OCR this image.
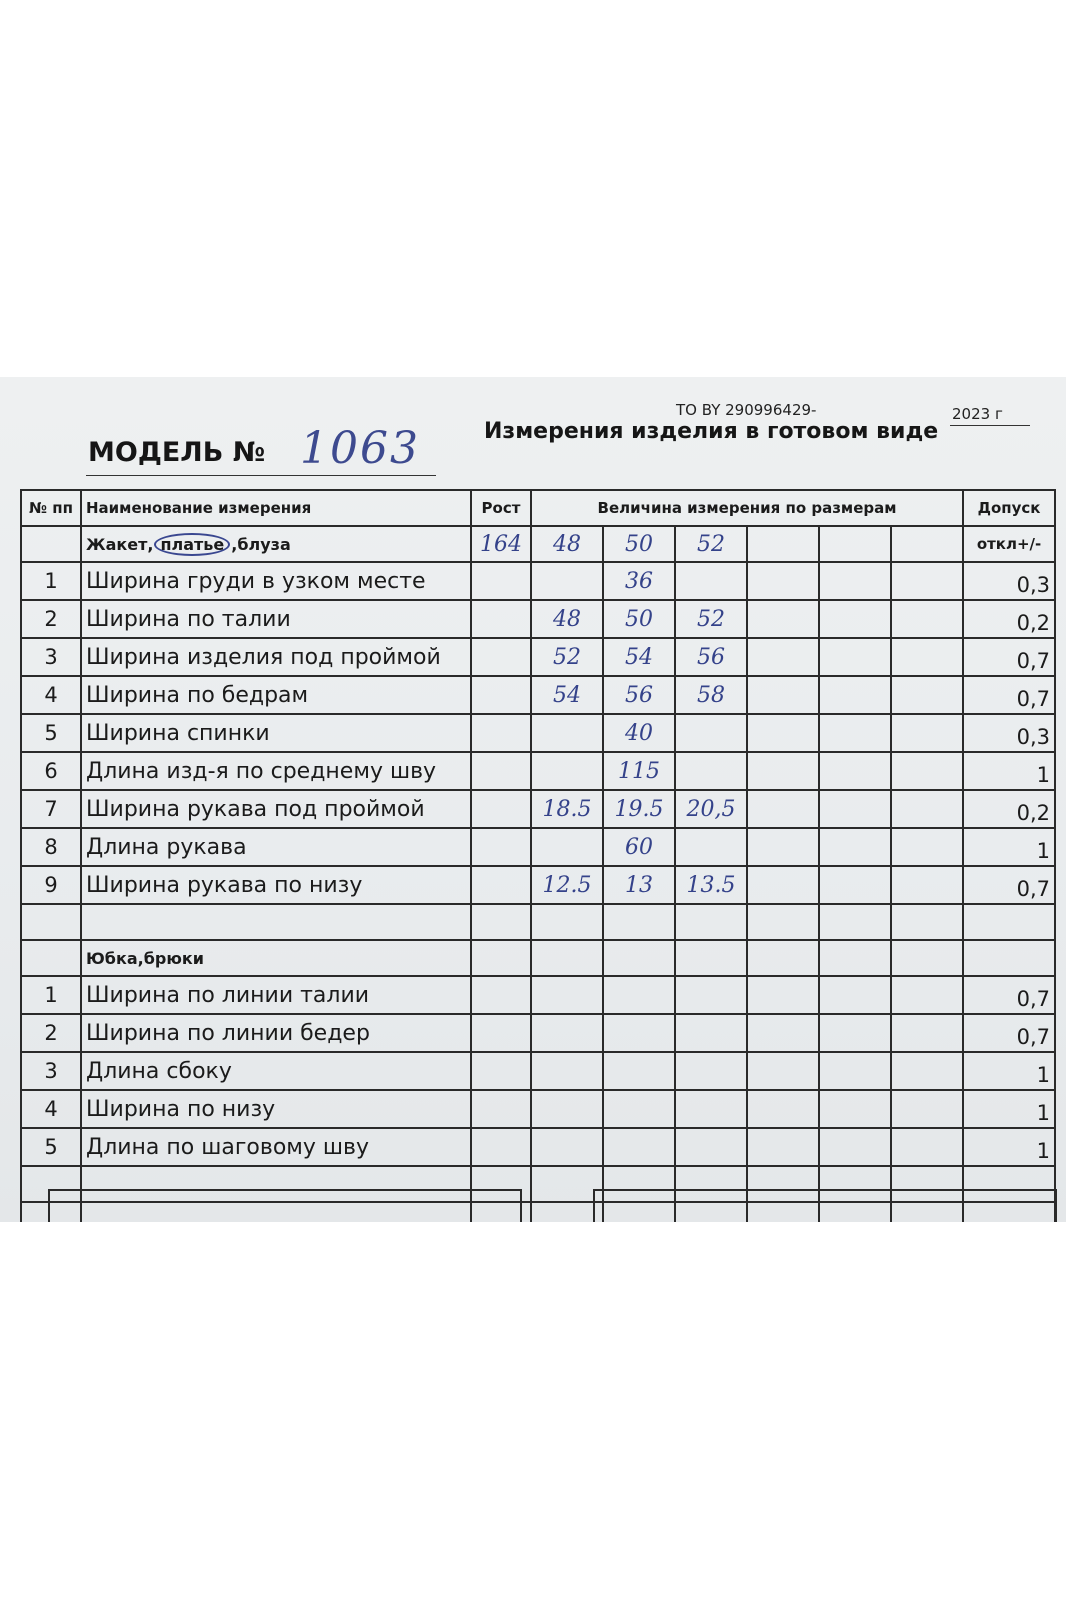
ТО BY 290996429-	2023 г
Измерения изделия в готовом виде
МОДЕЛЬ № 1063
№ пп	Наименование измерения	Рост	Величина измерения по размерам						Допуск
	Жакет, платье ,блуза	164	48	50	52				откл+/-
1	Ширина груди в узком месте			36					0,3
2	Ширина по талии		48	50	52				0,2
3	Ширина изделия под проймой		52	54	56				0,7
4	Ширина по бедрам		54	56	58				0,7
5	Ширина спинки			40					0,3
6	Длина изд-я по среднему шву			115					1
7	Ширина рукава под проймой		18.5	19.5	20,5				0,2
8	Длина рукава			60					1
9	Ширина рукава по низу		12.5	13	13.5				0,7

	Юбка,брюки								
1	Ширина по линии талии								0,7
2	Ширина по линии бедер								0,7
3	Длина сбоку								1
4	Ширина по низу								1
5	Длина по шаговому шву								1
